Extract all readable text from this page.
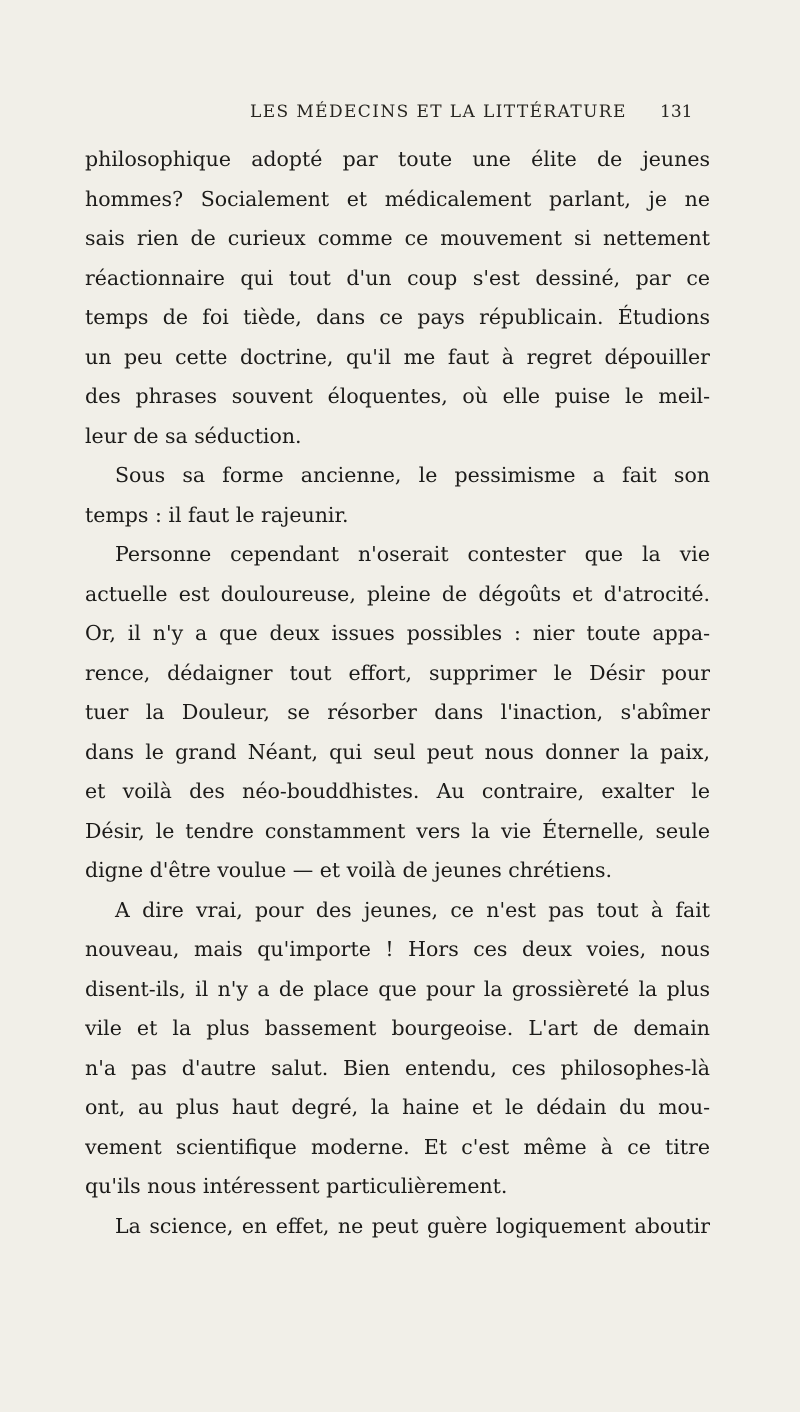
LES MÉDECINS ET LA LITTÉRATURE 131
philosophique adopté par toute une élite de jeunes
hommes? Socialement et médicalement parlant, je ne
sais rien de curieux comme ce mouvement si nettement
réactionnaire qui tout d'un coup s'est dessiné, par ce
temps de foi tiède, dans ce pays républicain. Étudions
un peu cette doctrine, qu'il me faut à regret dépouiller
des phrases souvent éloquentes, où elle puise le meil-
leur de sa séduction.
Sous sa forme ancienne, le pessimisme a fait son
temps : il faut le rajeunir.
Personne cependant n'oserait contester que la vie
actuelle est douloureuse, pleine de dégoûts et d'atrocité.
Or, il n'y a que deux issues possibles : nier toute appa-
rence, dédaigner tout effort, supprimer le Désir pour
tuer la Douleur, se résorber dans l'inaction, s'abîmer
dans le grand Néant, qui seul peut nous donner la paix,
et voilà des néo-bouddhistes. Au contraire, exalter le
Désir, le tendre constamment vers la vie Éternelle, seule
digne d'être voulue — et voilà de jeunes chrétiens.
A dire vrai, pour des jeunes, ce n'est pas tout à fait
nouveau, mais qu'importe ! Hors ces deux voies, nous
disent-ils, il n'y a de place que pour la grossièreté la plus
vile et la plus bassement bourgeoise. L'art de demain
n'a pas d'autre salut. Bien entendu, ces philosophes-là
ont, au plus haut degré, la haine et le dédain du mou-
vement scientifique moderne. Et c'est même à ce titre
qu'ils nous intéressent particulièrement.
La science, en effet, ne peut guère logiquement aboutir
